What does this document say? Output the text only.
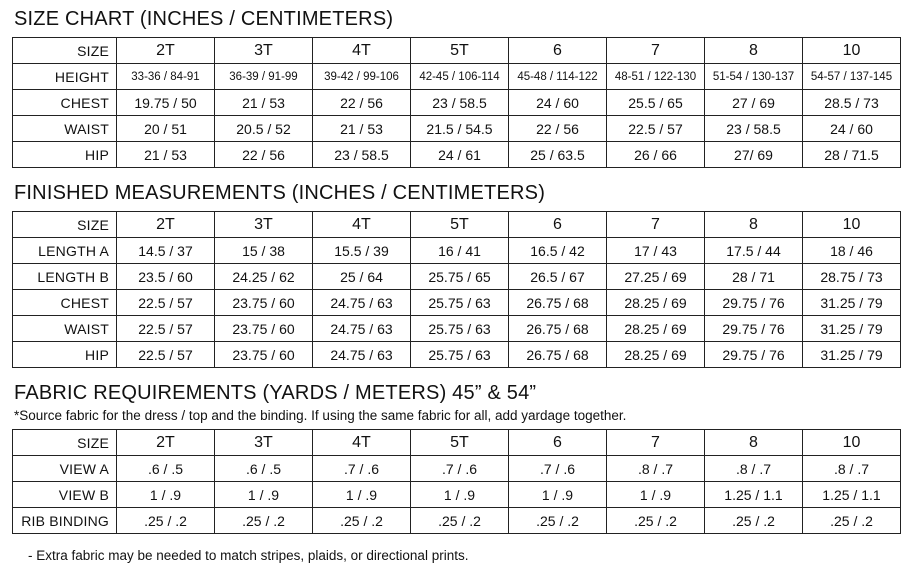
SIZE CHART (INCHES / CENTIMETERS)
SIZE	2T	3T	4T	5T	6	7	8	10
HEIGHT	33-36 / 84-91	36-39 / 91-99	39-42 / 99-106	42-45 / 106-114	45-48 / 114-122	48-51 / 122-130	51-54 / 130-137	54-57 / 137-145
CHEST	19.75 / 50	21 / 53	22 / 56	23 / 58.5	24 / 60	25.5 / 65	27 / 69	28.5 / 73
WAIST	20 / 51	20.5 / 52	21 / 53	21.5 / 54.5	22 / 56	22.5 / 57	23 / 58.5	24 / 60
HIP	21 / 53	22 / 56	23 / 58.5	24 / 61	25 / 63.5	26 / 66	27/ 69	28 / 71.5
FINISHED MEASUREMENTS (INCHES / CENTIMETERS)
SIZE	2T	3T	4T	5T	6	7	8	10
LENGTH A	14.5 / 37	15 / 38	15.5 / 39	16 / 41	16.5 / 42	17 / 43	17.5 / 44	18 / 46
LENGTH B	23.5 / 60	24.25 / 62	25 / 64	25.75 / 65	26.5 / 67	27.25 / 69	28 / 71	28.75 / 73
CHEST	22.5 / 57	23.75 / 60	24.75 / 63	25.75 / 63	26.75 / 68	28.25 / 69	29.75 / 76	31.25 / 79
WAIST	22.5 / 57	23.75 / 60	24.75 / 63	25.75 / 63	26.75 / 68	28.25 / 69	29.75 / 76	31.25 / 79
HIP	22.5 / 57	23.75 / 60	24.75 / 63	25.75 / 63	26.75 / 68	28.25 / 69	29.75 / 76	31.25 / 79
FABRIC REQUIREMENTS (YARDS / METERS) 45” & 54”
*Source fabric for the dress / top and the binding. If using the same fabric for all, add yardage together.
SIZE	2T	3T	4T	5T	6	7	8	10
VIEW A	.6 / .5	.6 / .5	.7 / .6	.7 / .6	.7 / .6	.8 / .7	.8 / .7	.8 / .7
VIEW B	1 / .9	1 / .9	1 / .9	1 / .9	1 / .9	1 / .9	1.25 / 1.1	1.25 / 1.1
RIB BINDING	.25 / .2	.25 / .2	.25 / .2	.25 / .2	.25 / .2	.25 / .2	.25 / .2	.25 / .2
- Extra fabric may be needed to match stripes, plaids, or directional prints.
